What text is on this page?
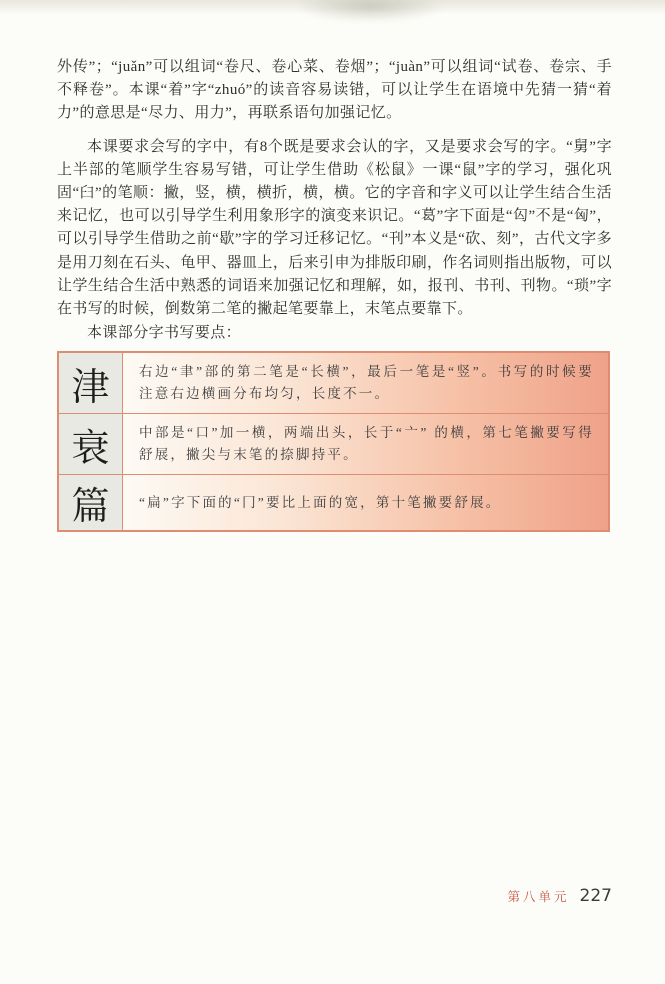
外传”；“juǎn”可以组词“卷尺、卷心菜、卷烟”；“juàn”可以组词“试卷、卷宗、手不释卷”。本课“着”字“zhuó”的读音容易读错，可以让学生在语境中先猜一猜“着力”的意思是“尽力、用力”，再联系语句加强记忆。

本课要求会写的字中，有8个既是要求会认的字，又是要求会写的字。“舅”字上半部的笔顺学生容易写错，可让学生借助《松鼠》一课“鼠”字的学习，强化巩固“臼”的笔顺：撇，竖，横，横折，横，横。它的字音和字义可以让学生结合生活来记忆，也可以引导学生利用象形字的演变来识记。“葛”字下面是“匃”不是“匈”，可以引导学生借助之前“歇”字的学习迁移记忆。“刊”本义是“砍、刻”，古代文字多是用刀刻在石头、龟甲、器皿上，后来引申为排版印刷，作名词则指出版物，可以让学生结合生活中熟悉的词语来加强记忆和理解，如，报刊、书刊、刊物。“琐”字在书写的时候，倒数第二笔的撇起笔要靠上，末笔点要靠下。

本课部分字书写要点：

津	右边“聿”部的第二笔是“长横”，最后一笔是“竖”。书写的时候要注意右边横画分布均匀，长度不一。
衰	中部是“口”加一横，两端出头，长于“亠” 的横，第七笔撇要写得舒展，撇尖与末笔的捺脚持平。
篇	“扁”字下面的“冂”要比上面的宽，第十笔撇要舒展。
第八单元 227
